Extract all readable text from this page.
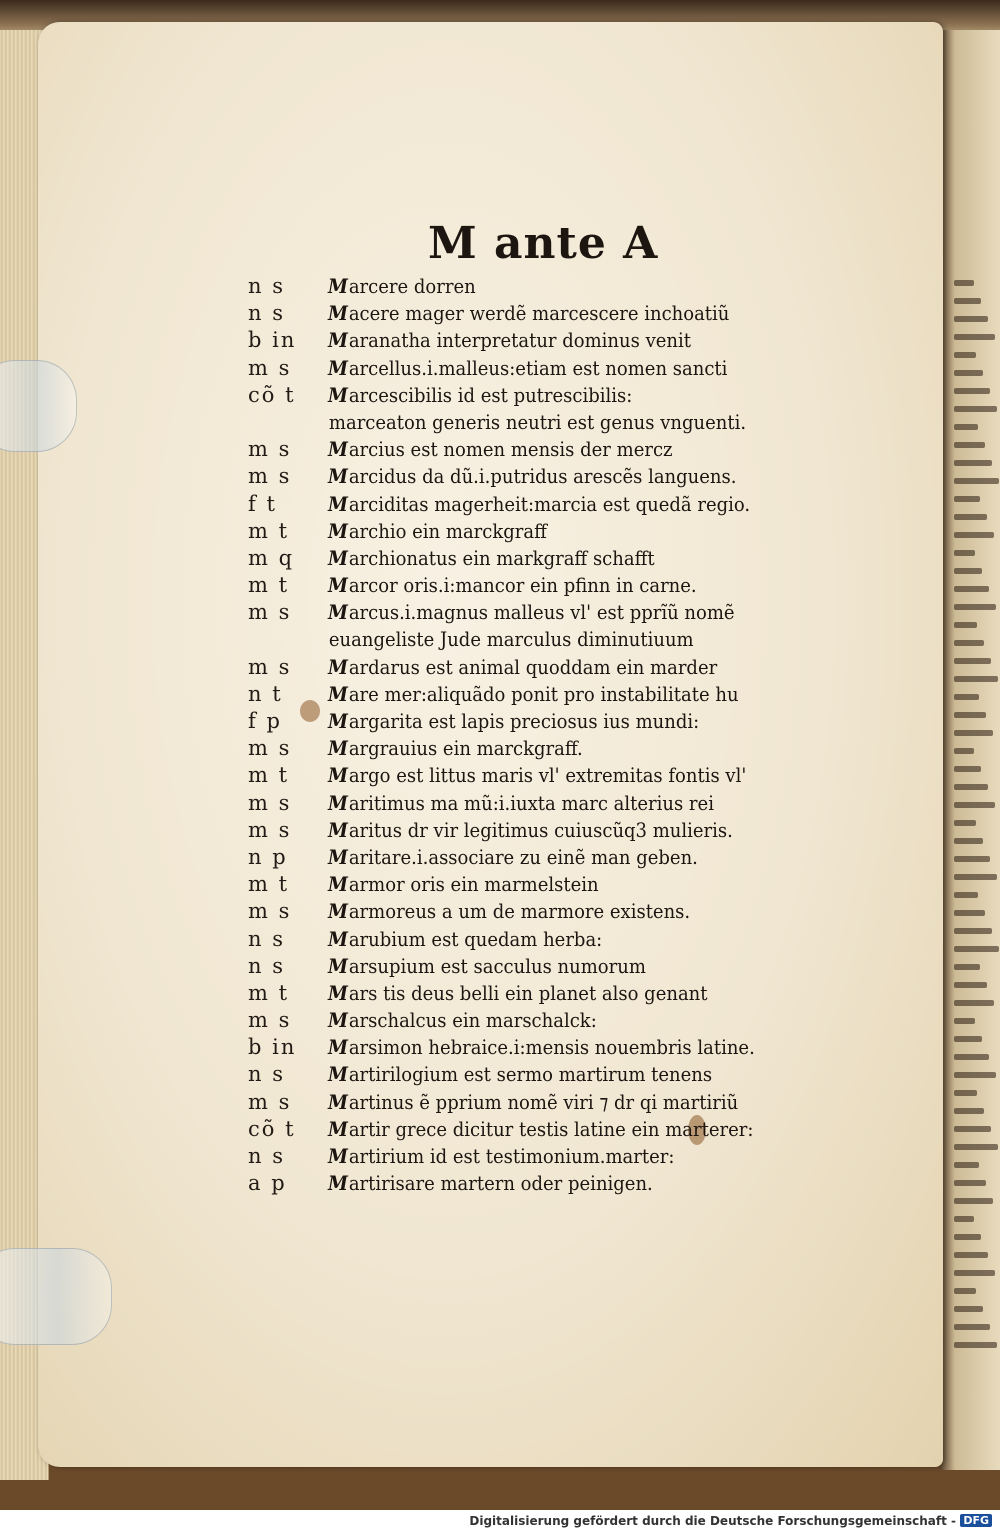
M ante A
n s	Marcere dorren
n s	Macere mager werdẽ marcescere inchoatiũ
b in	Maranatha interpretatur dominus venit
m s	Marcellus.i.malleus:etiam est nomen sancti
cõ t	Marcescibilis id est putrescibilis:
marceaton generis neutri est genus vnguenti.
m s	Marcius est nomen mensis der mercz
m s	Marcidus da dũ.i.putridus arescẽs languens.
f t	Marciditas magerheit:marcia est quedã regio.
m t	Marchio ein marckgraff
m q	Marchionatus ein markgraff schafft
m t	Marcor oris.i:mancor ein pfinn in carne.
m s	Marcus.i.magnus malleus vl' est pprĩũ nomẽ
euangeliste Jude marculus diminutiuum
m s	Mardarus est animal quoddam ein marder
n t	Mare mer:aliquãdo ponit pro instabilitate hu
f p	Margarita est lapis preciosus ius mundi:
m s	Margrauius ein marckgraff.
m t	Margo est littus maris vl' extremitas fontis vl'
m s	Maritimus ma mũ:i.iuxta marc alterius rei
m s	Maritus dr vir legitimus cuiuscũq3 mulieris.
n p	Maritare.i.associare zu einẽ man geben.
m t	Marmor oris ein marmelstein
m s	Marmoreus a um de marmore existens.
n s	Marubium est quedam herba:
n s	Marsupium est sacculus numorum
m t	Mars tis deus belli ein planet also genant
m s	Marschalcus ein marschalck:
b in	Marsimon hebraice.i:mensis nouembris latine.
n s	Martirilogium est sermo martirum tenens
m s	Martinus ẽ pprium nomẽ viri ⁊ dr qi martiriũ
cõ t	Martir grece dicitur testis latine ein marterer:
n s	Martirium id est testimonium.marter:
a p	Martirisare martern oder peinigen.
Digitalisierung gefördert durch die Deutsche Forschungsgemeinschaft - DFG
